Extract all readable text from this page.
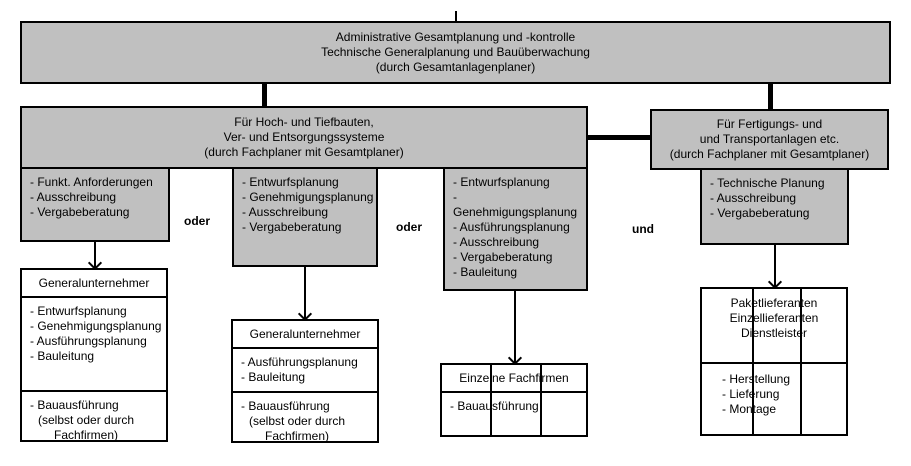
Administrative Gesamtplanung und -kontrolle
Technische Generalplanung und Bauüberwachung
(durch Gesamtanlagenplaner)
Für Hoch- und Tiefbauten,
Ver- und Entsorgungssysteme
(durch Fachplaner mit Gesamtplaner)
Für Fertigungs- und
und Transportanlagen etc.
(durch Fachplaner mit Gesamtplaner)
- Funkt. Anforderungen
- Ausschreibung
- Vergabeberatung
- Entwurfsplanung
- Genehmigungsplanung
- Ausschreibung
- Vergabeberatung
- Entwurfsplanung
- Genehmigungsplanung
- Ausführungsplanung
- Ausschreibung
- Vergabeberatung
- Bauleitung
- Technische Planung
- Ausschreibung
- Vergabeberatung
oder	oder	und
Generalunternehmer
- Entwurfsplanung
- Genehmigungsplanung
- Ausführungsplanung
- Bauleitung
- Bauausführung
(selbst oder durch
Fachfirmen)
Generalunternehmer
- Ausführungsplanung
- Bauleitung
- Bauausführung
(selbst oder durch
Fachfirmen)
Einzelne Fachfirmen
- Bauausführung
Paketlieferanten
Einzellieferanten
Dienstleister
- Herstellung
- Lieferung
- Montage
